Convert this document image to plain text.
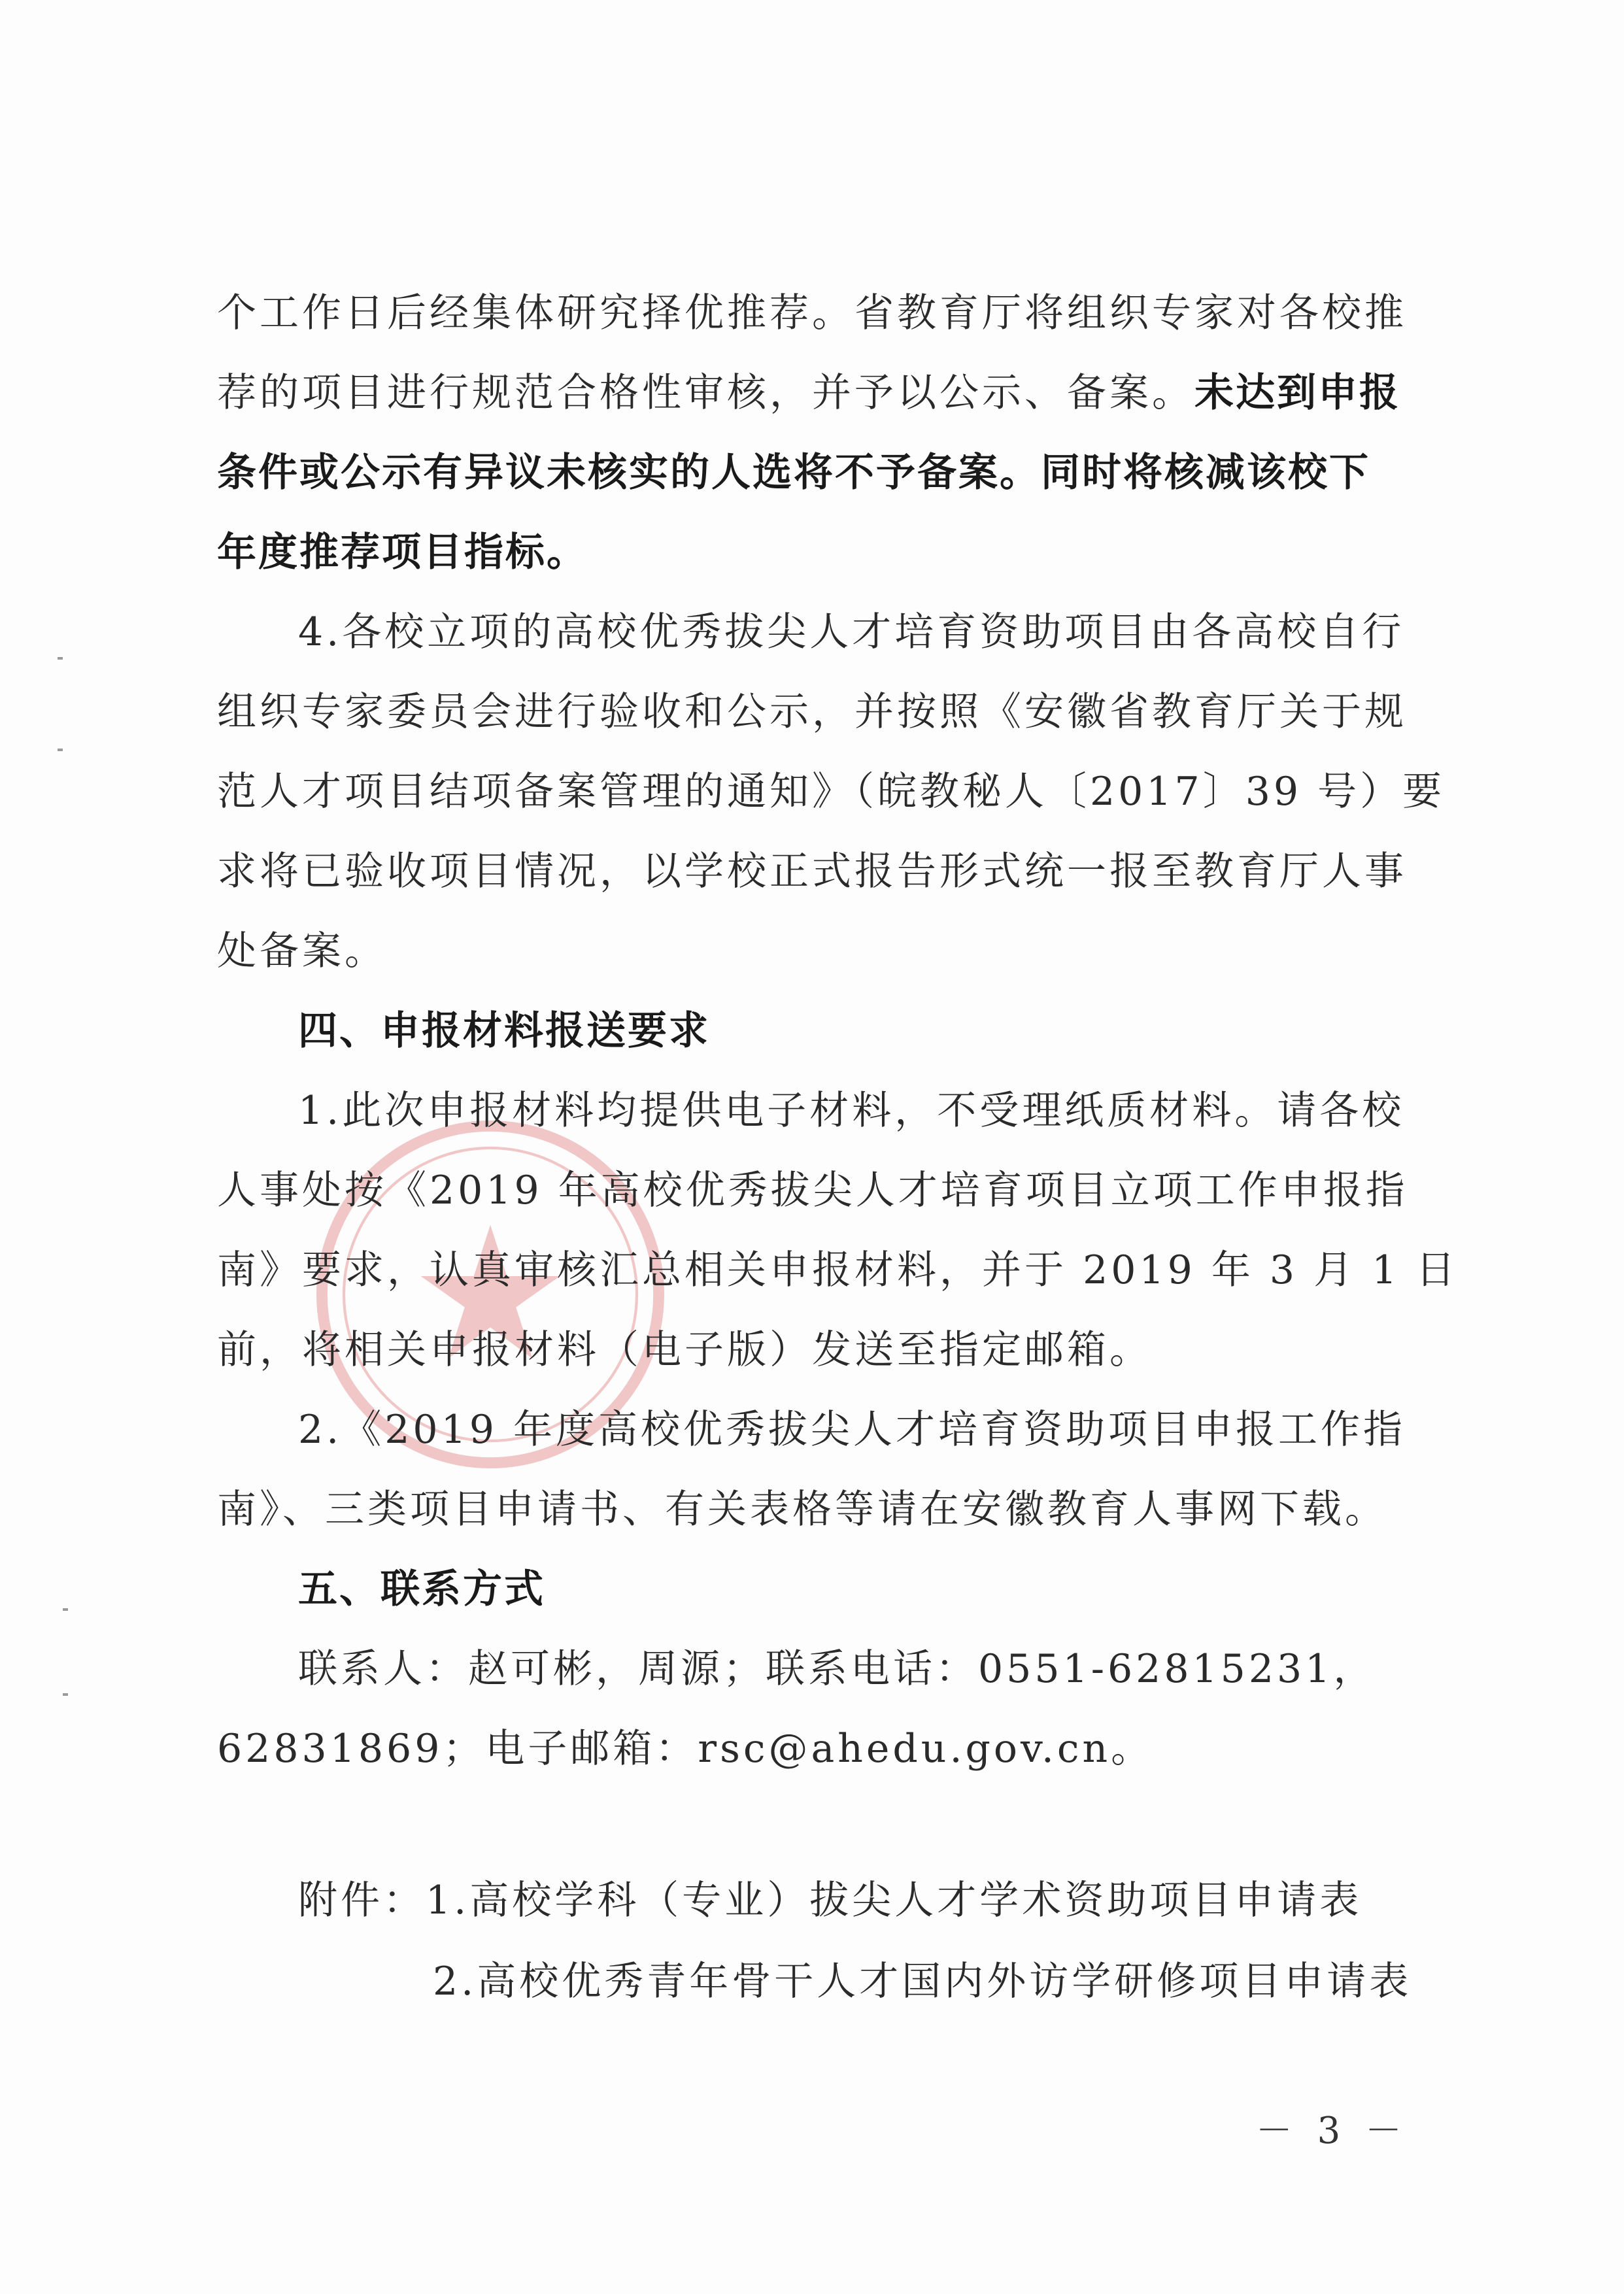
个工作日后经集体研究择优推荐。省教育厅将组织专家对各校推
荐的项目进行规范合格性审核，并予以公示、备案。未达到申报
条件或公示有异议未核实的人选将不予备案。同时将核减该校下
年度推荐项目指标。
4.各校立项的高校优秀拔尖人才培育资助项目由各高校自行
组织专家委员会进行验收和公示，并按照《安徽省教育厅关于规
范人才项目结项备案管理的通知》（皖教秘人〔2017〕39 号）要
求将已验收项目情况，以学校正式报告形式统一报至教育厅人事
处备案。
四、申报材料报送要求
1.此次申报材料均提供电子材料，不受理纸质材料。请各校
人事处按《2019 年高校优秀拔尖人才培育项目立项工作申报指
南》要求，认真审核汇总相关申报材料，并于 2019 年 3 月 1 日
前，将相关申报材料（电子版）发送至指定邮箱。
2.《2019 年度高校优秀拔尖人才培育资助项目申报工作指
南》、三类项目申请书、有关表格等请在安徽教育人事网下载。
五、联系方式
联系人：赵可彬，周源；联系电话：0551-62815231，
62831869；电子邮箱：rsc@ahedu.gov.cn。
附件：1.高校学科（专业）拔尖人才学术资助项目申请表
2.高校优秀青年骨干人才国内外访学研修项目申请表
－ 3 －
